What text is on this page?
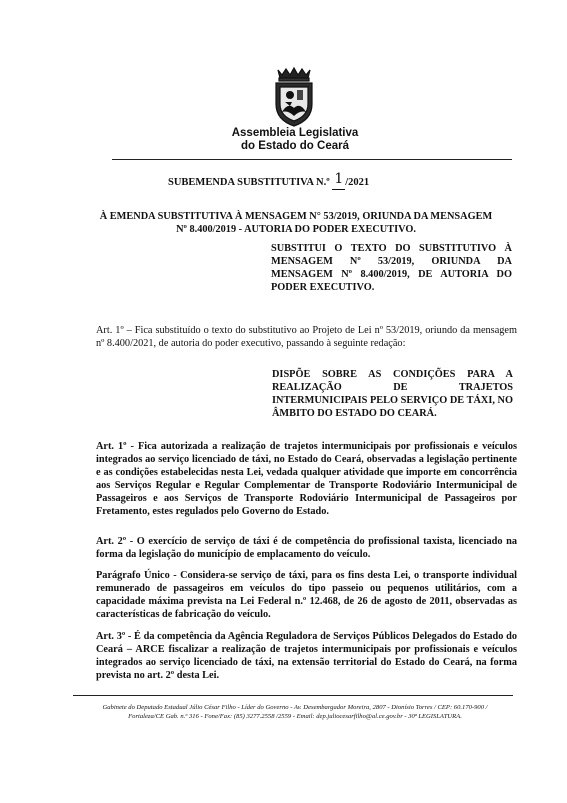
Assembleia Legislativa
do Estado do Ceará
SUBEMENDA SUBSTITUTIVA N.º 1 /2021
À EMENDA SUBSTITUTIVA À MENSAGEM N° 53/2019, ORIUNDA DA MENSAGEM Nº 8.400/2019 - AUTORIA DO PODER EXECUTIVO.
SUBSTITUI O TEXTO DO SUBSTITUTIVO À MENSAGEM Nº 53/2019, ORIUNDA DA MENSAGEM Nº 8.400/2019, DE AUTORIA DO PODER EXECUTIVO.
Art. 1º – Fica substituído o texto do substitutivo ao Projeto de Lei nº 53/2019, oriundo da mensagem nº 8.400/2021, de autoria do poder executivo, passando à seguinte redação:
DISPÕE SOBRE AS CONDIÇÕES PARA A REALIZAÇÃO DE TRAJETOS INTERMUNICIPAIS PELO SERVIÇO DE TÁXI, NO ÂMBITO DO ESTADO DO CEARÁ.
Art. 1º - Fica autorizada a realização de trajetos intermunicipais por profissionais e veículos integrados ao serviço licenciado de táxi, no Estado do Ceará, observadas a legislação pertinente e as condições estabelecidas nesta Lei, vedada qualquer atividade que importe em concorrência aos Serviços Regular e Regular Complementar de Transporte Rodoviário Intermunicipal de Passageiros e aos Serviços de Transporte Rodoviário Intermunicipal de Passageiros por Fretamento, estes regulados pelo Governo do Estado.
Art. 2º - O exercício de serviço de táxi é de competência do profissional taxista, licenciado na forma da legislação do município de emplacamento do veículo.
Parágrafo Único - Considera-se serviço de táxi, para os fins desta Lei, o transporte individual remunerado de passageiros em veículos do tipo passeio ou pequenos utilitários, com a capacidade máxima prevista na Lei Federal n.º 12.468, de 26 de agosto de 2011, observadas as características de fabricação do veículo.
Art. 3º - É da competência da Agência Reguladora de Serviços Públicos Delegados do Estado do Ceará – ARCE fiscalizar a realização de trajetos intermunicipais por profissionais e veículos integrados ao serviço licenciado de táxi, na extensão territorial do Estado do Ceará, na forma prevista no art. 2º desta Lei.
Gabinete do Deputado Estadual Júlio César Filho - Líder do Governo - Av. Desembargador Moreira, 2807 - Dionísio Torres / CEP: 60.170-900 /
Fortaleza/CE Gab. n.º 316 - Fone/Fax: (85) 3277.2558 /2559 - Email: dep.juliocesarfilho@al.ce.gov.br - 30ª LEGISLATURA.
